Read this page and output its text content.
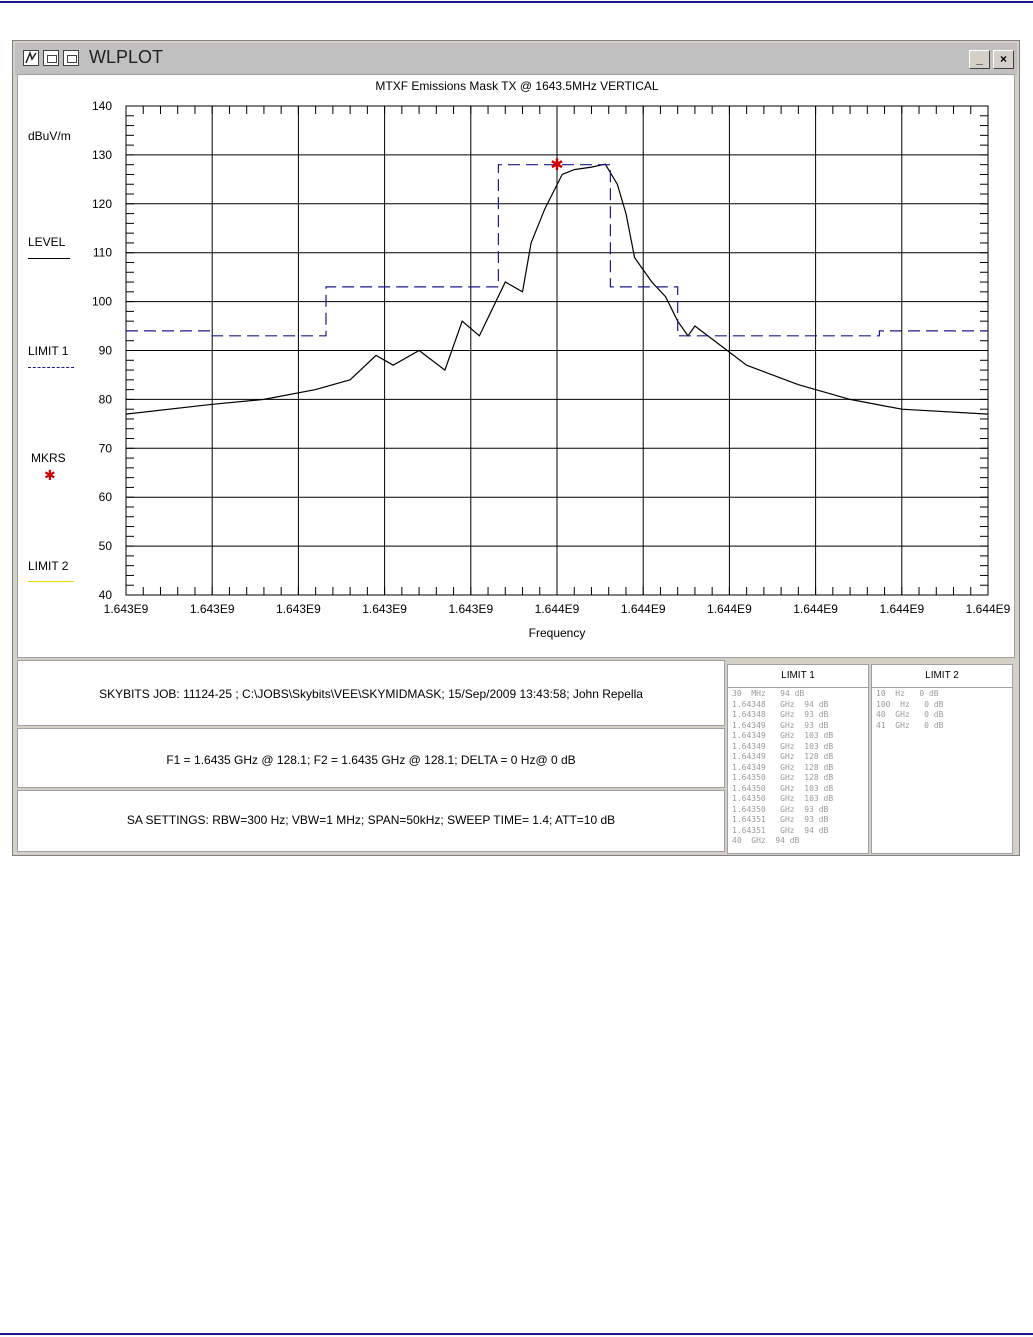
WLPLOT	_	×
MTXF Emissions Mask TX @ 1643.5MHz VERTICAL
dBuV/m
LEVEL
LIMIT 1
MKRS
✱
LIMIT 2
40
50
60
70
80
90
100
110
120
130
140
1.643E9	1.643E9	1.643E9	1.643E9	1.643E9	1.644E9	1.644E9	1.644E9	1.644E9	1.644E9	1.644E9
Frequency
✱
SKYBITS JOB: 11124-25 ; C:\JOBS\Skybits\VEE\SKYMIDMASK; 15/Sep/2009 13:43:58; John Repella
F1 = 1.6435 GHz @ 128.1; F2 = 1.6435 GHz @ 128.1; DELTA = 0 Hz@ 0 dB
SA SETTINGS: RBW=300 Hz; VBW=1 MHz; SPAN=50kHz; SWEEP TIME= 1.4; ATT=10 dB
LIMIT 1
30  MHz   94 dB
1.64348   GHz  94 dB
1.64348   GHz  93 dB
1.64349   GHz  93 dB
1.64349   GHz  103 dB
1.64349   GHz  103 dB
1.64349   GHz  128 dB
1.64349   GHz  128 dB
1.64350   GHz  128 dB
1.64350   GHz  103 dB
1.64350   GHz  103 dB
1.64350   GHz  93 dB
1.64351   GHz  93 dB
1.64351   GHz  94 dB
40  GHz  94 dB
LIMIT 2
10  Hz   0 dB
100  Hz   0 dB
40  GHz   0 dB
41  GHz   0 dB
